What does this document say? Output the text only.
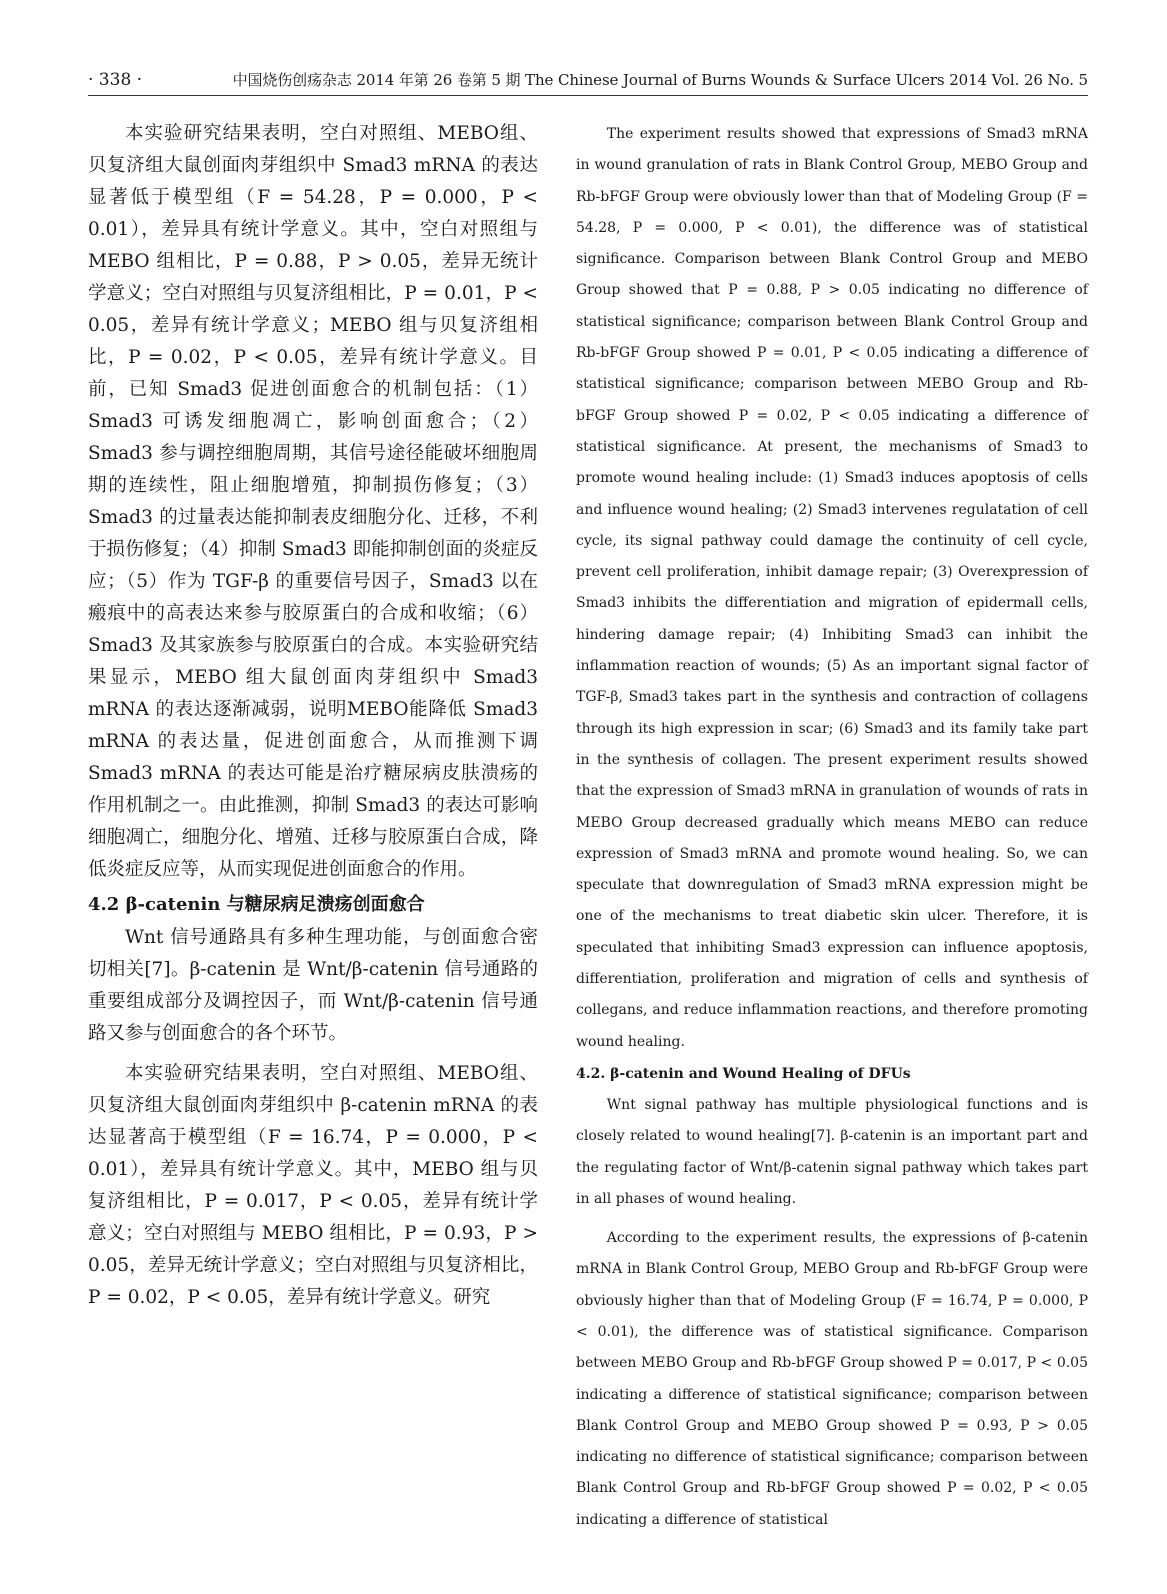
· 338 ·	中国烧伤创疡杂志 2014 年第 26 卷第 5 期 The Chinese Journal of Burns Wounds & Surface Ulcers 2014 Vol. 26 No. 5

本实验研究结果表明，空白对照组、MEBO组、贝复济组大鼠创面肉芽组织中 Smad3 mRNA 的表达显著低于模型组（F = 54.28，P = 0.000，P < 0.01），差异具有统计学意义。其中，空白对照组与 MEBO 组相比，P = 0.88，P > 0.05，差异无统计学意义；空白对照组与贝复济组相比，P = 0.01，P < 0.05，差异有统计学意义；MEBO 组与贝复济组相比，P = 0.02，P < 0.05，差异有统计学意义。目前，已知 Smad3 促进创面愈合的机制包括：（1）Smad3 可诱发细胞凋亡，影响创面愈合；（2）Smad3 参与调控细胞周期，其信号途径能破坏细胞周期的连续性，阻止细胞增殖，抑制损伤修复；（3）Smad3 的过量表达能抑制表皮细胞分化、迁移，不利于损伤修复；（4）抑制 Smad3 即能抑制创面的炎症反应；（5）作为 TGF-β 的重要信号因子，Smad3 以在瘢痕中的高表达来参与胶原蛋白的合成和收缩；（6）Smad3 及其家族参与胶原蛋白的合成。本实验研究结果显示，MEBO 组大鼠创面肉芽组织中 Smad3 mRNA 的表达逐渐减弱，说明MEBO能降低 Smad3 mRNA 的表达量，促进创面愈合，从而推测下调 Smad3 mRNA 的表达可能是治疗糖尿病皮肤溃疡的作用机制之一。由此推测，抑制 Smad3 的表达可影响细胞凋亡，细胞分化、增殖、迁移与胶原蛋白合成，降低炎症反应等，从而实现促进创面愈合的作用。

4.2 β-catenin 与糖尿病足溃疡创面愈合

Wnt 信号通路具有多种生理功能，与创面愈合密切相关[7]。β-catenin 是 Wnt/β-catenin 信号通路的重要组成部分及调控因子，而 Wnt/β-catenin 信号通路又参与创面愈合的各个环节。

本实验研究结果表明，空白对照组、MEBO组、贝复济组大鼠创面肉芽组织中 β-catenin mRNA 的表达显著高于模型组（F = 16.74，P = 0.000，P < 0.01），差异具有统计学意义。其中，MEBO 组与贝复济组相比，P = 0.017，P < 0.05，差异有统计学意义；空白对照组与 MEBO 组相比，P = 0.93，P > 0.05，差异无统计学意义；空白对照组与贝复济相比，P = 0.02，P < 0.05，差异有统计学意义。研究

The experiment results showed that expressions of Smad3 mRNA in wound granulation of rats in Blank Control Group, MEBO Group and Rb-bFGF Group were obviously lower than that of Modeling Group (F = 54.28, P = 0.000, P < 0.01), the difference was of statistical significance. Comparison between Blank Control Group and MEBO Group showed that P = 0.88, P > 0.05 indicating no difference of statistical significance; comparison between Blank Control Group and Rb-bFGF Group showed P = 0.01, P < 0.05 indicating a difference of statistical significance; comparison between MEBO Group and Rb-bFGF Group showed P = 0.02, P < 0.05 indicating a difference of statistical significance. At present, the mechanisms of Smad3 to promote wound healing include: (1) Smad3 induces apoptosis of cells and influence wound healing; (2) Smad3 intervenes regulatation of cell cycle, its signal pathway could damage the continuity of cell cycle, prevent cell proliferation, inhibit damage repair; (3) Overexpression of Smad3 inhibits the differentiation and migration of epidermall cells, hindering damage repair; (4) Inhibiting Smad3 can inhibit the inflammation reaction of wounds; (5) As an important signal factor of TGF-β, Smad3 takes part in the synthesis and contraction of collagens through its high expression in scar; (6) Smad3 and its family take part in the synthesis of collagen. The present experiment results showed that the expression of Smad3 mRNA in granulation of wounds of rats in MEBO Group decreased gradually which means MEBO can reduce expression of Smad3 mRNA and promote wound healing. So, we can speculate that downregulation of Smad3 mRNA expression might be one of the mechanisms to treat diabetic skin ulcer. Therefore, it is speculated that inhibiting Smad3 expression can influence apoptosis, differentiation, proliferation and migration of cells and synthesis of collegans, and reduce inflammation reactions, and therefore promoting wound healing.

4.2. β-catenin and Wound Healing of DFUs

Wnt signal pathway has multiple physiological functions and is closely related to wound healing[7]. β-catenin is an important part and the regulating factor of Wnt/β-catenin signal pathway which takes part in all phases of wound healing.

According to the experiment results, the expressions of β-catenin mRNA in Blank Control Group, MEBO Group and Rb-bFGF Group were obviously higher than that of Modeling Group (F = 16.74, P = 0.000, P < 0.01), the difference was of statistical significance. Comparison between MEBO Group and Rb-bFGF Group showed P = 0.017, P < 0.05 indicating a difference of statistical significance; comparison between Blank Control Group and MEBO Group showed P = 0.93, P > 0.05 indicating no difference of statistical significance; comparison between Blank Control Group and Rb-bFGF Group showed P = 0.02, P < 0.05 indicating a difference of statistical
